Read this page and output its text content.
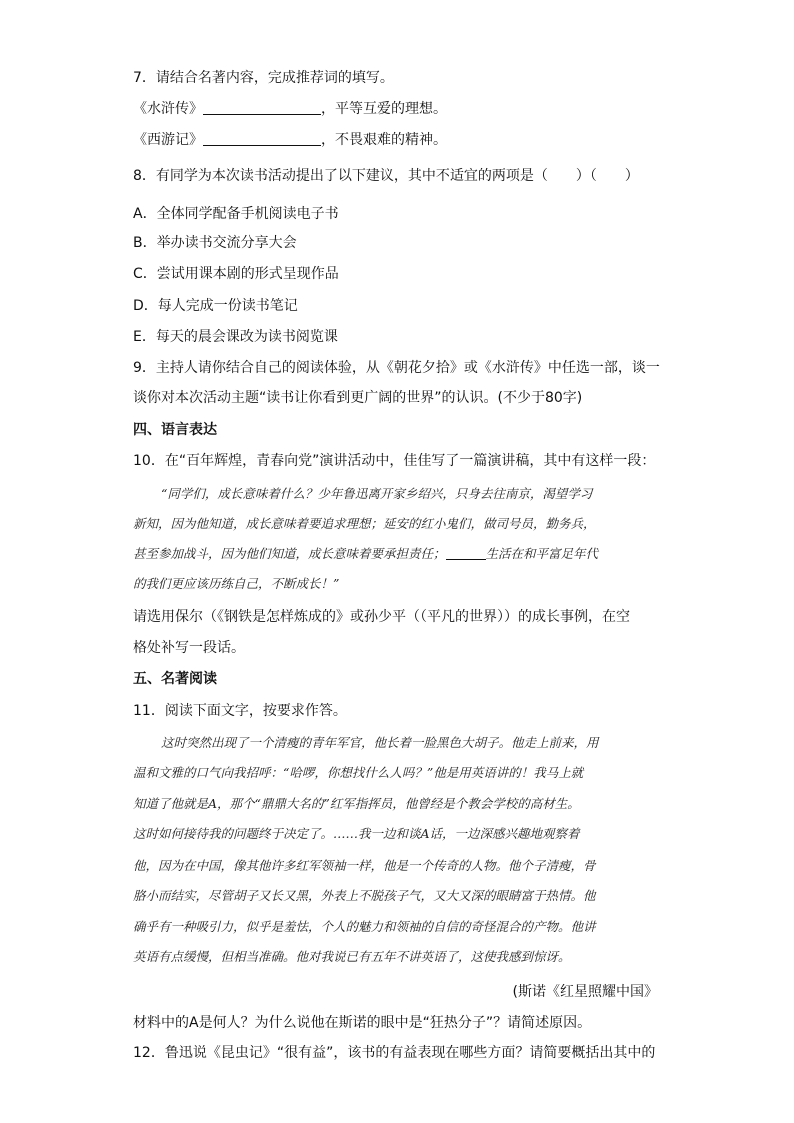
7．请结合名著内容，完成推荐词的填写。
《水浒传》	，平等互爱的理想。
《西游记》	，不畏艰难的精神。
8．有同学为本次读书活动提出了以下建议，其中不适宜的两项是（　　）（　　）
A．全体同学配备手机阅读电子书
B．举办读书交流分享大会
C．尝试用课本剧的形式呈现作品
D．每人完成一份读书笔记
E．每天的晨会课改为读书阅览课
9．主持人请你结合自己的阅读体验，从《朝花夕拾》或《水浒传》中任选一部，谈一
谈你对本次活动主题“读书让你看到更广阔的世界”的认识。(不少于80字)
四、语言表达
10．在“百年辉煌，青春向党”演讲活动中，佳佳写了一篇演讲稿，其中有这样一段：
“同学们，成长意味着什么？少年鲁迅离开家乡绍兴，只身去往南京，渴望学习
新知，因为他知道，成长意味着要追求理想；延安的红小鬼们，做司号员，勤务兵，
甚至参加战斗，因为他们知道，成长意味着要承担责任；	生活在和平富足年代
的我们更应该历练自己，不断成长！”
请选用保尔（《钢铁是怎样炼成的》或孙少平（（平凡的世界））的成长事例，在空
格处补写一段话。
五、名著阅读
11．阅读下面文字，按要求作答。
这时突然出现了一个清瘦的青年军官，他长着一脸黑色大胡子。他走上前来，用
温和文雅的口气向我招呼：“哈啰，你想找什么人吗？”他是用英语讲的！我马上就
知道了他就是A，那个“鼎鼎大名的”红军指挥员，他曾经是个教会学校的高材生。
这时如何接待我的问题终于决定了。……我一边和谈A话，一边深感兴趣地观察着
他，因为在中国，像其他许多红军领袖一样，他是一个传奇的人物。他个子清瘦，骨
胳小而结实，尽管胡子又长又黑，外表上不脱孩子气，又大又深的眼睛富于热情。他
确乎有一种吸引力，似乎是羞怯，个人的魅力和领袖的自信的奇怪混合的产物。他讲
英语有点缓慢，但相当准确。他对我说已有五年不讲英语了，这使我感到惊讶。
(斯诺《红星照耀中国》
材料中的A是何人？为什么说他在斯诺的眼中是“狂热分子”？请简述原因。
12．鲁迅说《昆虫记》“很有益”，该书的有益表现在哪些方面？请简要概括出其中的
